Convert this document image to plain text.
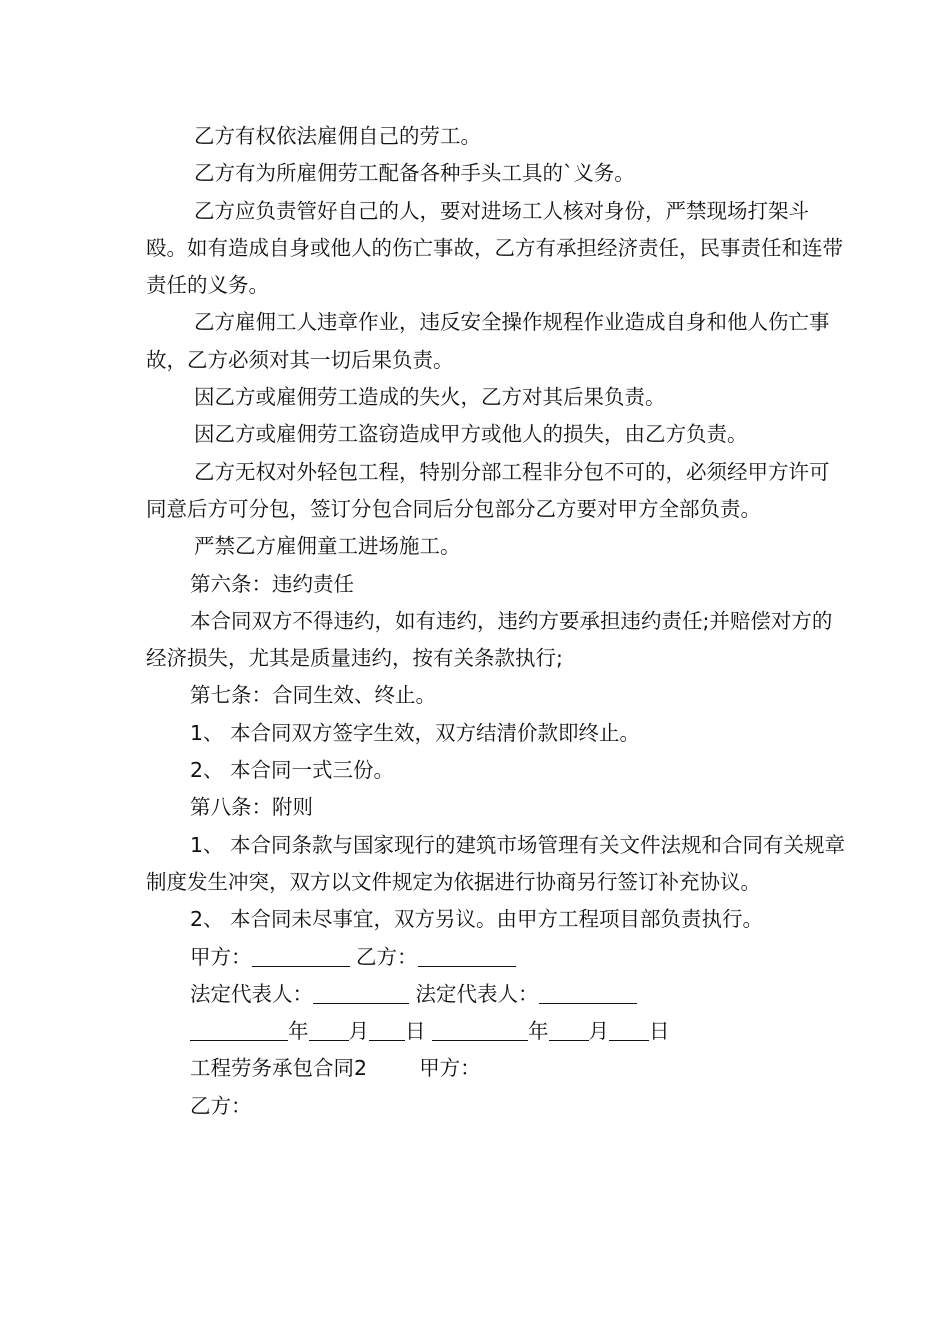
乙方有权依法雇佣自己的劳工。

乙方有为所雇佣劳工配备各种手头工具的`义务。

乙方应负责管好自己的人，要对进场工人核对身份，严禁现场打架斗殴。如有造成自身或他人的伤亡事故，乙方有承担经济责任，民事责任和连带责任的义务。

乙方雇佣工人违章作业，违反安全操作规程作业造成自身和他人伤亡事故，乙方必须对其一切后果负责。

因乙方或雇佣劳工造成的失火，乙方对其后果负责。

因乙方或雇佣劳工盗窃造成甲方或他人的损失，由乙方负责。

乙方无权对外轻包工程，特别分部工程非分包不可的，必须经甲方许可同意后方可分包，签订分包合同后分包部分乙方要对甲方全部负责。

严禁乙方雇佣童工进场施工。

第六条：违约责任

本合同双方不得违约，如有违约，违约方要承担违约责任;并赔偿对方的经济损失，尤其是质量违约，按有关条款执行;

第七条：合同生效、终止。

1、 本合同双方签字生效，双方结清价款即终止。

2、 本合同一式三份。

第八条：附则

1、 本合同条款与国家现行的建筑市场管理有关文件法规和合同有关规章制度发生冲突，双方以文件规定为依据进行协商另行签订补充协议。

2、 本合同未尽事宜，双方另议。由甲方工程项目部负责执行。

甲方：	乙方：

法定代表人：	法定代表人：

年 月 日	年 月 日

工程劳务承包合同2	甲方：

乙方：
